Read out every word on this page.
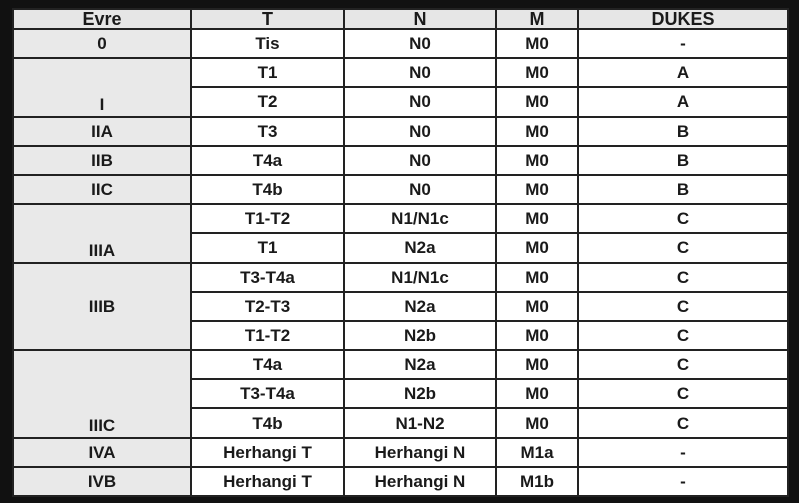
Evre	T	N	M	DUKES
0	Tis	N0	M0	-
I	T1	N0	M0	A
	T2	N0	M0	A
IIA	T3	N0	M0	B
IIB	T4a	N0	M0	B
IIC	T4b	N0	M0	B
IIIA	T1-T2	N1/N1c	M0	C
	T1	N2a	M0	C
IIIB	T3-T4a	N1/N1c	M0	C
	T2-T3	N2a	M0	C
	T1-T2	N2b	M0	C
IIIC	T4a	N2a	M0	C
	T3-T4a	N2b	M0	C
	T4b	N1-N2	M0	C
IVA	Herhangi T	Herhangi N	M1a	-
IVB	Herhangi T	Herhangi N	M1b	-
